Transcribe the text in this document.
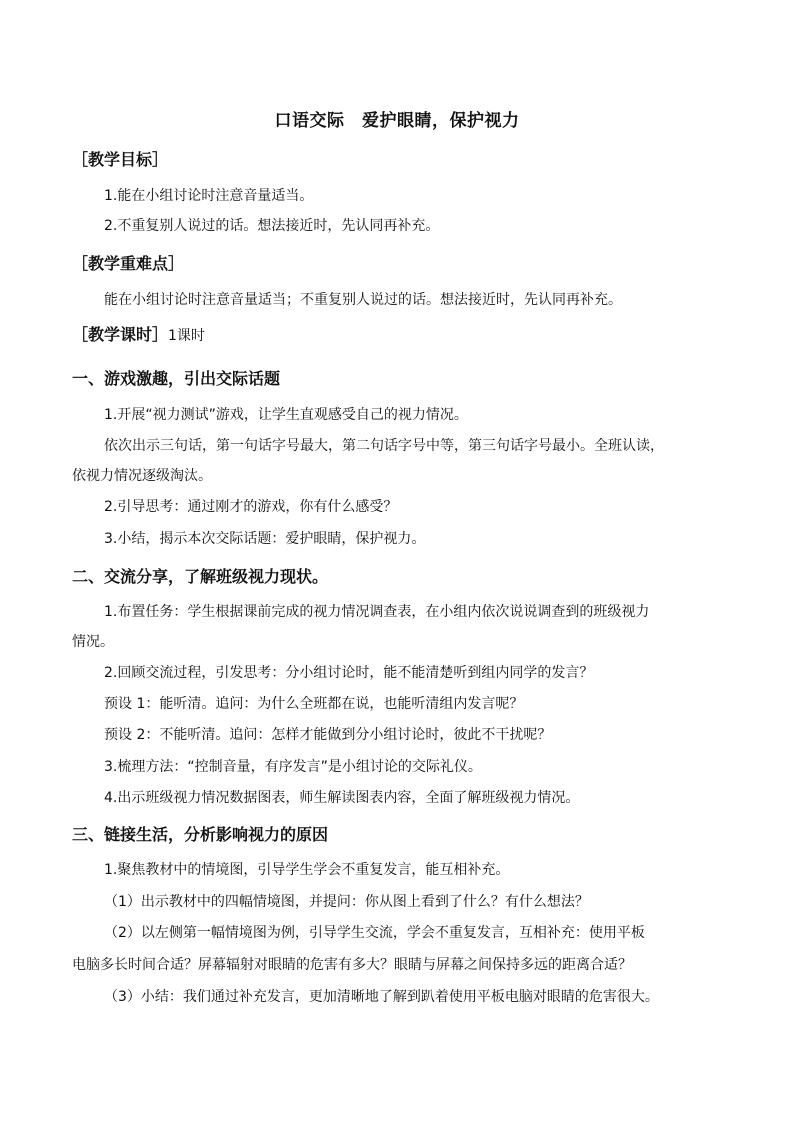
口语交际　爱护眼睛，保护视力
［教学目标］
1.能在小组讨论时注意音量适当。
2.不重复别人说过的话。想法接近时，先认同再补充。
［教学重难点］
能在小组讨论时注意音量适当；不重复别人说过的话。想法接近时，先认同再补充。
［教学课时］1课时
一、游戏激趣，引出交际话题
1.开展“视力测试”游戏，让学生直观感受自己的视力情况。
依次出示三句话，第一句话字号最大，第二句话字号中等，第三句话字号最小。全班认读，
依视力情况逐级淘汰。
2.引导思考：通过刚才的游戏，你有什么感受？
3.小结，揭示本次交际话题：爱护眼睛，保护视力。
二、交流分享，了解班级视力现状。
1.布置任务：学生根据课前完成的视力情况调查表，在小组内依次说说调查到的班级视力
情况。
2.回顾交流过程，引发思考：分小组讨论时，能不能清楚听到组内同学的发言？
预设 1：能听清。追问：为什么全班都在说，也能听清组内发言呢？
预设 2：不能听清。追问：怎样才能做到分小组讨论时，彼此不干扰呢？
3.梳理方法：“控制音量，有序发言”是小组讨论的交际礼仪。
4.出示班级视力情况数据图表，师生解读图表内容，全面了解班级视力情况。
三、链接生活，分析影响视力的原因
1.聚焦教材中的情境图，引导学生学会不重复发言，能互相补充。
（1）出示教材中的四幅情境图，并提问：你从图上看到了什么？有什么想法？
（2）以左侧第一幅情境图为例，引导学生交流，学会不重复发言，互相补充：使用平板
电脑多长时间合适？屏幕辐射对眼睛的危害有多大？眼睛与屏幕之间保持多远的距离合适？
（3）小结：我们通过补充发言，更加清晰地了解到趴着使用平板电脑对眼睛的危害很大。
